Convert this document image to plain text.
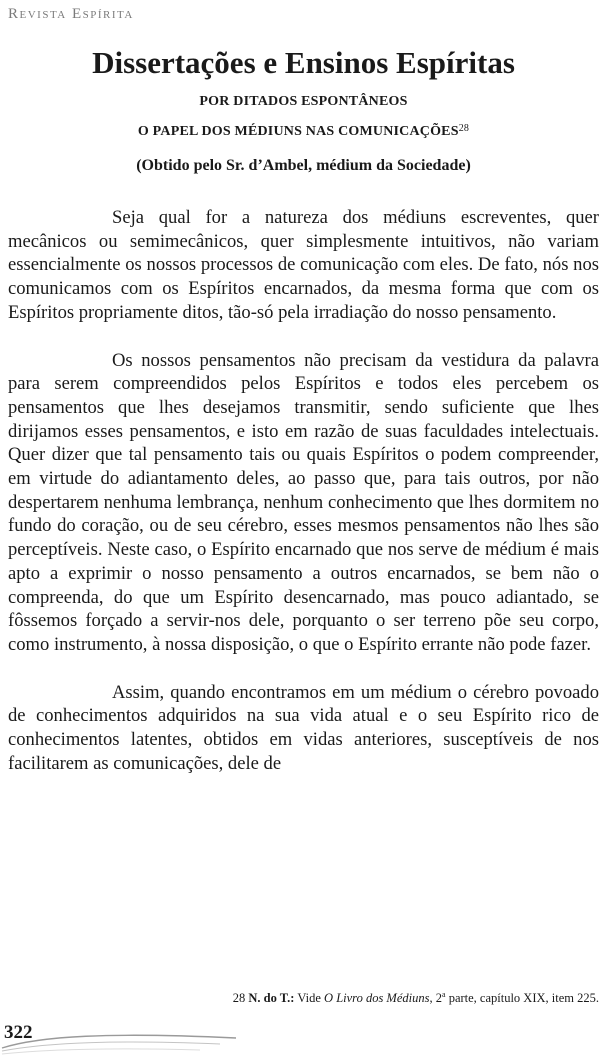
Revista Espírita
Dissertações e Ensinos Espíritas
POR DITADOS ESPONTÂNEOS
O PAPEL DOS MÉDIUNS NAS COMUNICAÇÕES$^{28}$
(Obtido pelo Sr. d’Ambel, médium da Sociedade)

Seja qual for a natureza dos médiuns escreventes, quer mecânicos ou semimecânicos, quer simplesmente intuitivos, não variam essencialmente os nossos processos de comunicação com eles. De fato, nós nos comunicamos com os Espíritos encarnados, da mesma forma que com os Espíritos propriamente ditos, tão-só pela irradiação do nosso pensamento.

Os nossos pensamentos não precisam da vestidura da palavra para serem compreendidos pelos Espíritos e todos eles percebem os pensamentos que lhes desejamos transmitir, sendo suficiente que lhes dirijamos esses pensamentos, e isto em razão de suas faculdades intelectuais. Quer dizer que tal pensamento tais ou quais Espíritos o podem compreender, em virtude do adiantamento deles, ao passo que, para tais outros, por não despertarem nenhuma lembrança, nenhum conhecimento que lhes dormitem no fundo do coração, ou de seu cérebro, esses mesmos pensamentos não lhes são perceptíveis. Neste caso, o Espírito encarnado que nos serve de médium é mais apto a exprimir o nosso pensamento a outros encarnados, se bem não o compreenda, do que um Espírito desencarnado, mas pouco adiantado, se fôssemos forçado a servir-nos dele, porquanto o ser terreno põe seu corpo, como instrumento, à nossa disposição, o que o Espírito errante não pode fazer.

Assim, quando encontramos em um médium o cérebro povoado de conhecimentos adquiridos na sua vida atual e o seu Espírito rico de conhecimentos latentes, obtidos em vidas anteriores, susceptíveis de nos facilitarem as comunicações, dele de

28 N. do T.: Vide O Livro dos Médiuns, 2$^a$ parte, capítulo XIX, item 225.
322
